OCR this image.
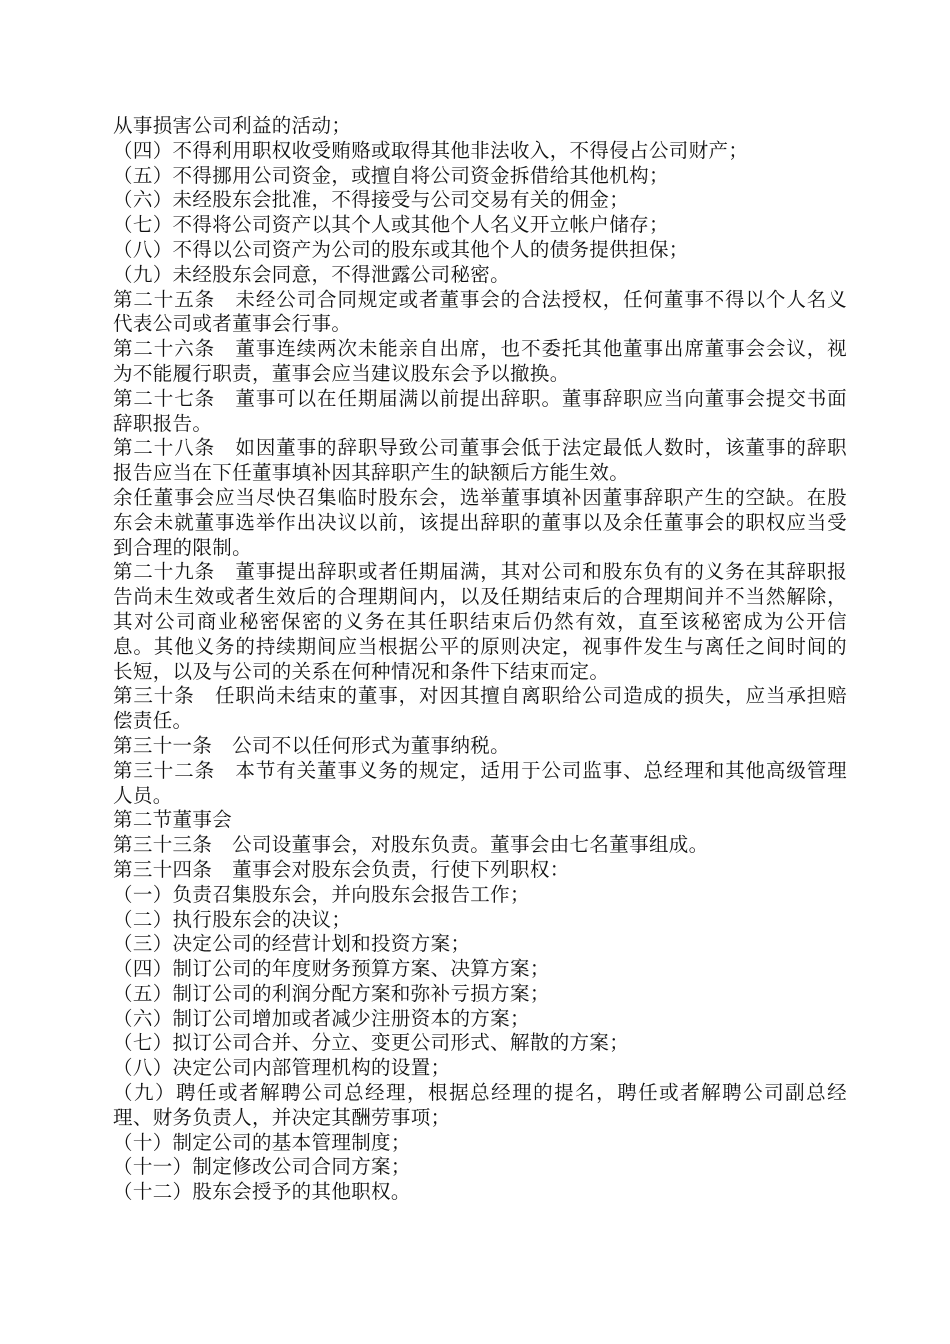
从事损害公司利益的活动；

（四）不得利用职权收受贿赂或取得其他非法收入，不得侵占公司财产；

（五）不得挪用公司资金，或擅自将公司资金拆借给其他机构；

（六）未经股东会批准，不得接受与公司交易有关的佣金；

（七）不得将公司资产以其个人或其他个人名义开立帐户储存；

（八）不得以公司资产为公司的股东或其他个人的债务提供担保；

（九）未经股东会同意，不得泄露公司秘密。

第二十五条　未经公司合同规定或者董事会的合法授权，任何董事不得以个人名义代表公司或者董事会行事。

第二十六条　董事连续两次未能亲自出席，也不委托其他董事出席董事会会议，视为不能履行职责，董事会应当建议股东会予以撤换。

第二十七条　董事可以在任期届满以前提出辞职。董事辞职应当向董事会提交书面辞职报告。

第二十八条　如因董事的辞职导致公司董事会低于法定最低人数时，该董事的辞职报告应当在下任董事填补因其辞职产生的缺额后方能生效。

余任董事会应当尽快召集临时股东会，选举董事填补因董事辞职产生的空缺。在股东会未就董事选举作出决议以前，该提出辞职的董事以及余任董事会的职权应当受到合理的限制。

第二十九条　董事提出辞职或者任期届满，其对公司和股东负有的义务在其辞职报告尚未生效或者生效后的合理期间内，以及任期结束后的合理期间并不当然解除，其对公司商业秘密保密的义务在其任职结束后仍然有效，直至该秘密成为公开信息。其他义务的持续期间应当根据公平的原则决定，视事件发生与离任之间时间的长短，以及与公司的关系在何种情况和条件下结束而定。

第三十条　任职尚未结束的董事，对因其擅自离职给公司造成的损失，应当承担赔偿责任。

第三十一条　公司不以任何形式为董事纳税。

第三十二条　本节有关董事义务的规定，适用于公司监事、总经理和其他高级管理人员。

第二节董事会

第三十三条　公司设董事会，对股东负责。董事会由七名董事组成。

第三十四条　董事会对股东会负责，行使下列职权：

（一）负责召集股东会，并向股东会报告工作；

（二）执行股东会的决议；

（三）决定公司的经营计划和投资方案；

（四）制订公司的年度财务预算方案、决算方案；

（五）制订公司的利润分配方案和弥补亏损方案；

（六）制订公司增加或者减少注册资本的方案；

（七）拟订公司合并、分立、变更公司形式、解散的方案；

（八）决定公司内部管理机构的设置；

（九）聘任或者解聘公司总经理，根据总经理的提名，聘任或者解聘公司副总经理、财务负责人，并决定其酬劳事项；

（十）制定公司的基本管理制度；

（十一）制定修改公司合同方案；

（十二）股东会授予的其他职权。
